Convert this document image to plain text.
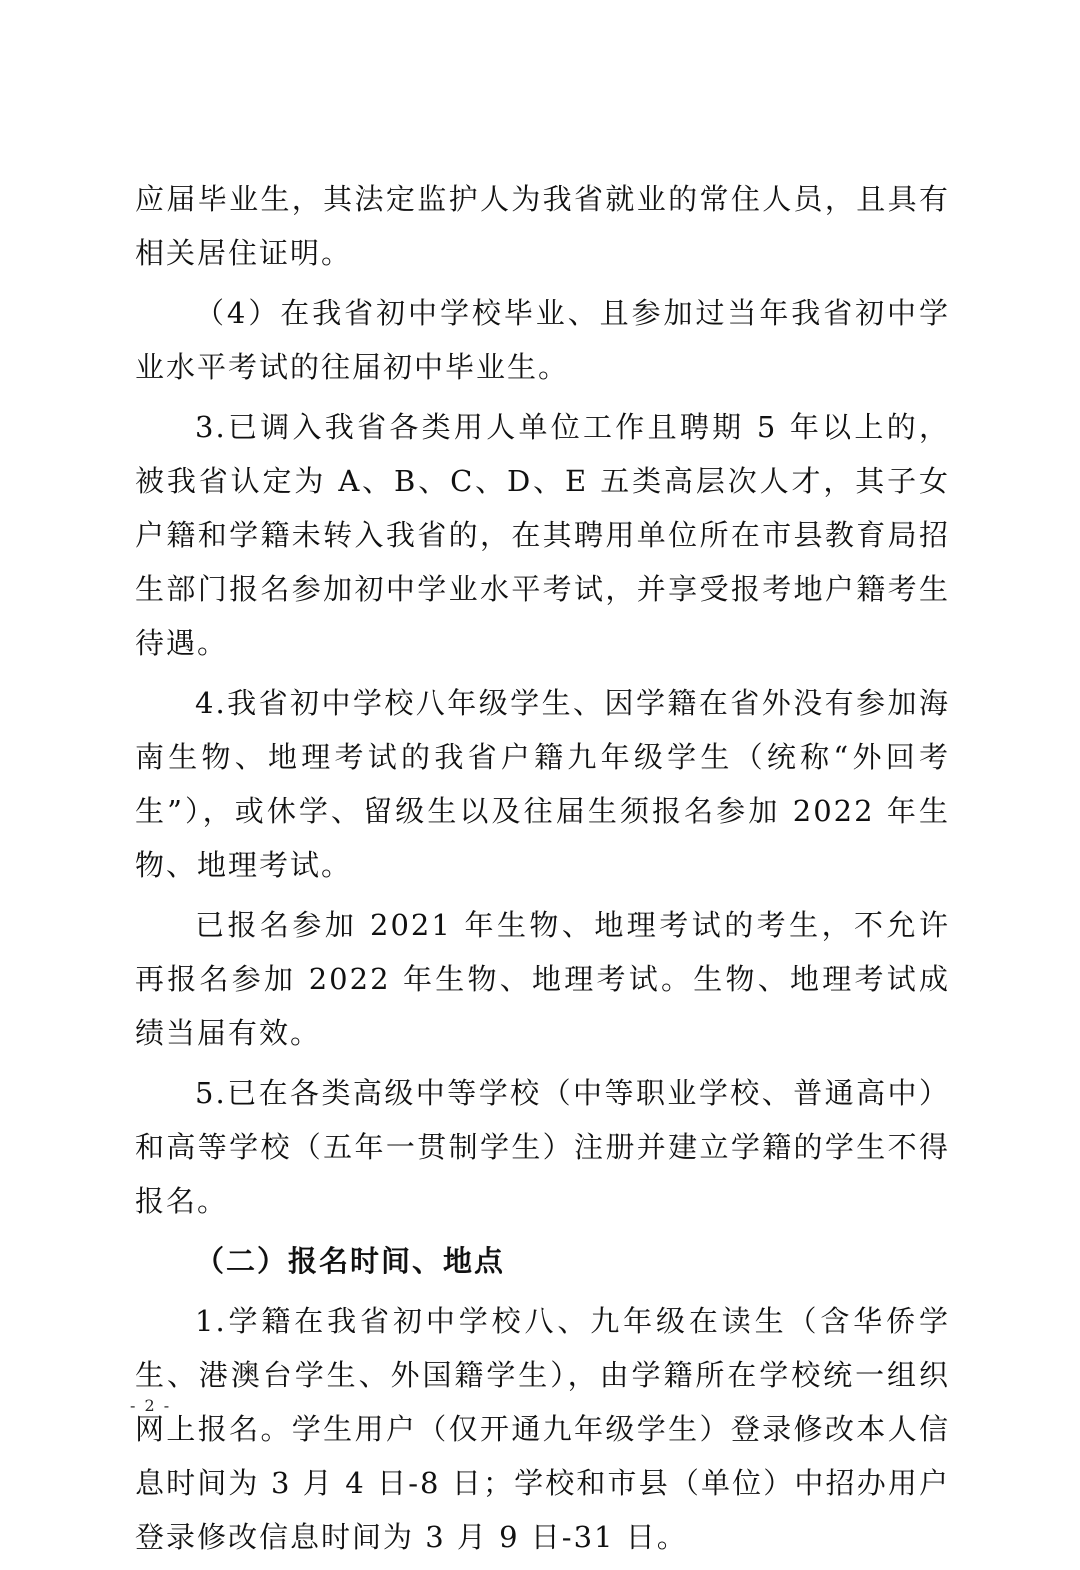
应届毕业生，其法定监护人为我省就业的常住人员，且具有相关居住证明。

（4）在我省初中学校毕业、且参加过当年我省初中学业水平考试的往届初中毕业生。

3.已调入我省各类用人单位工作且聘期 5 年以上的，被我省认定为 A、B、C、D、E 五类高层次人才，其子女户籍和学籍未转入我省的，在其聘用单位所在市县教育局招生部门报名参加初中学业水平考试，并享受报考地户籍考生待遇。

4.我省初中学校八年级学生、因学籍在省外没有参加海南生物、地理考试的我省户籍九年级学生（统称“外回考生”），或休学、留级生以及往届生须报名参加 2022 年生物、地理考试。

已报名参加 2021 年生物、地理考试的考生，不允许再报名参加 2022 年生物、地理考试。生物、地理考试成绩当届有效。

5.已在各类高级中等学校（中等职业学校、普通高中）和高等学校（五年一贯制学生）注册并建立学籍的学生不得报名。

（二）报名时间、地点

1.学籍在我省初中学校八、九年级在读生（含华侨学生、港澳台学生、外国籍学生），由学籍所在学校统一组织网上报名。学生用户（仅开通九年级学生）登录修改本人信息时间为 3 月 4 日-8 日；学校和市县（单位）中招办用户登录修改信息时间为 3 月 9 日-31 日。

- 2 -
